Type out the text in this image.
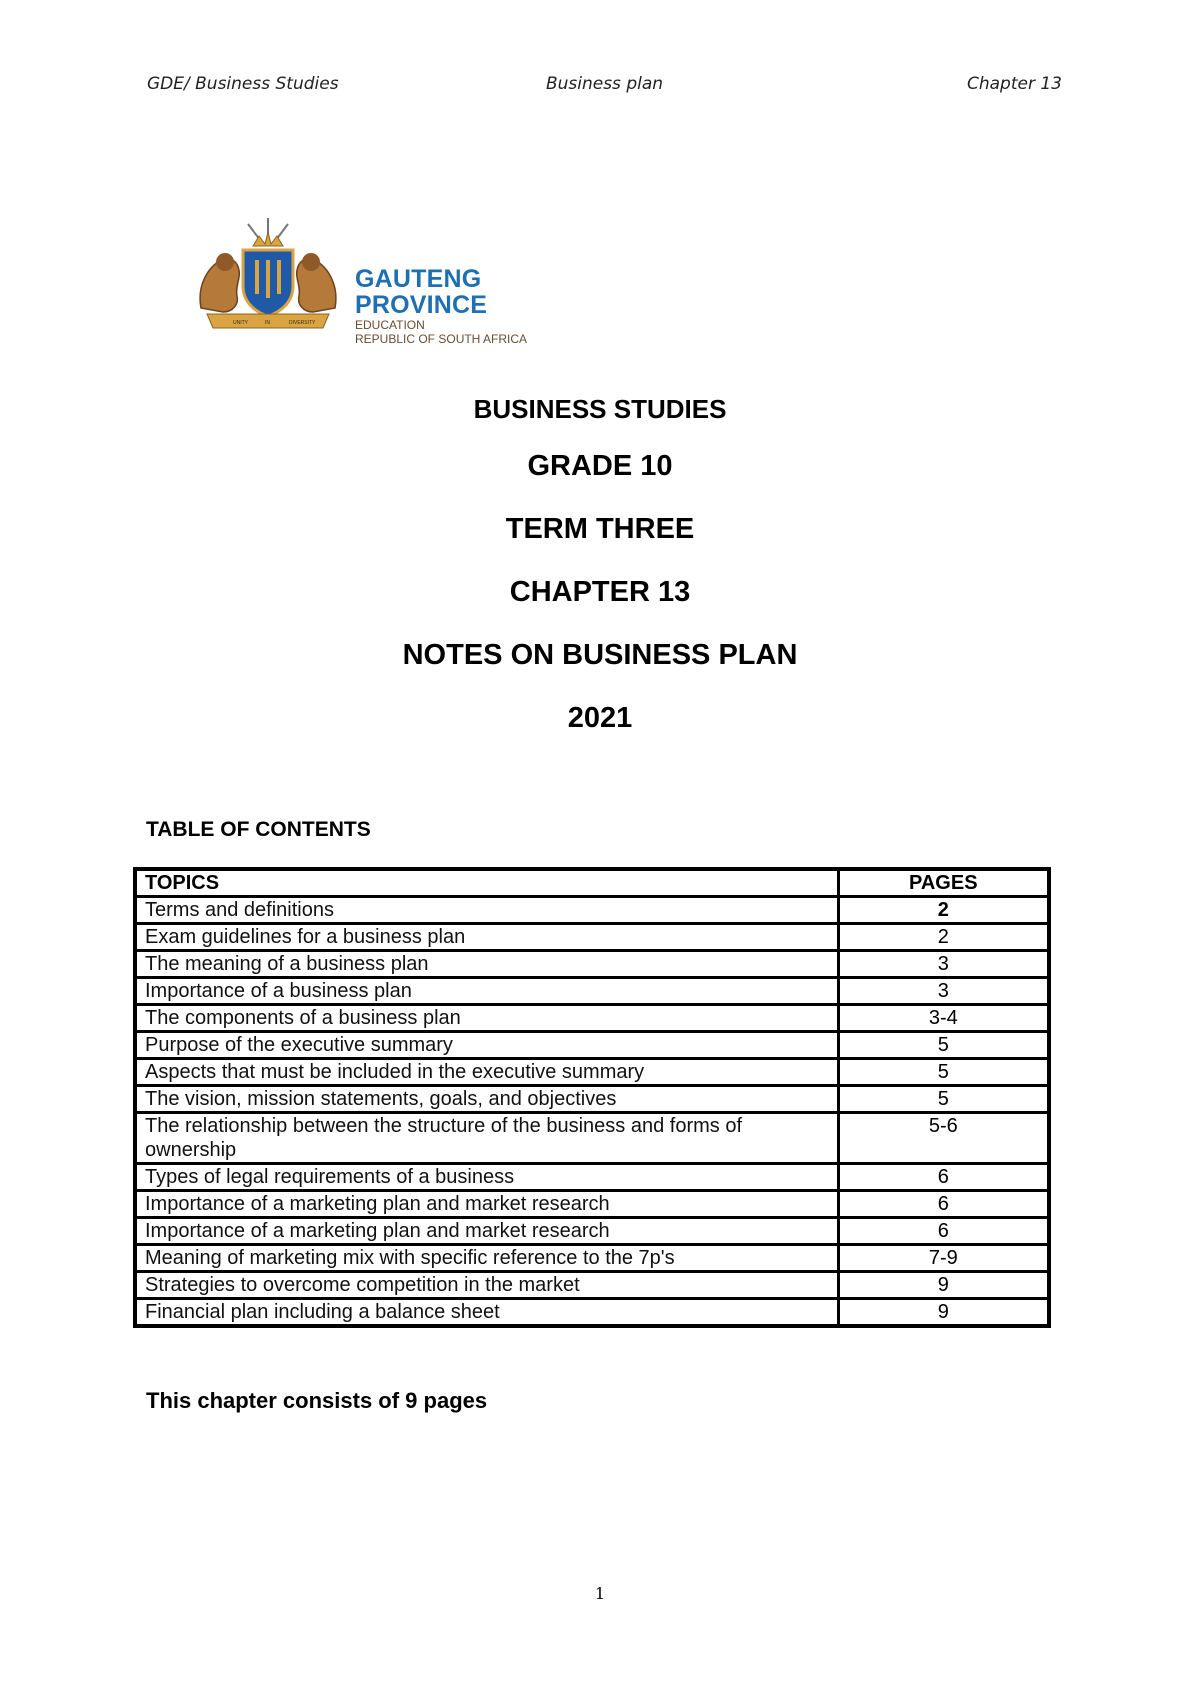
GDE/ Business Studies	Business plan	Chapter 13
UNITY	IN	DIVERSITY
GAUTENG PROVINCE
EDUCATION
REPUBLIC OF SOUTH AFRICA
BUSINESS STUDIES
GRADE 10
TERM THREE
CHAPTER 13
NOTES ON BUSINESS PLAN
2021
TABLE OF CONTENTS
TOPICS	PAGES
Terms and definitions	2
Exam guidelines for a business plan	2
The meaning of a business plan	3
Importance of a business plan	3
The components of a business plan	3-4
Purpose of the executive summary	5
Aspects that must be included in the executive summary	5
The vision, mission statements, goals, and objectives	5
The relationship between the structure of the business and forms of ownership	5-6
Types of legal requirements of a business	6
Importance of a marketing plan and market research	6
Importance of a marketing plan and market research	6
Meaning of marketing mix with specific reference to the 7p's	7-9
Strategies to overcome competition in the market	9
Financial plan including a balance sheet	9
This chapter consists of 9 pages
1
